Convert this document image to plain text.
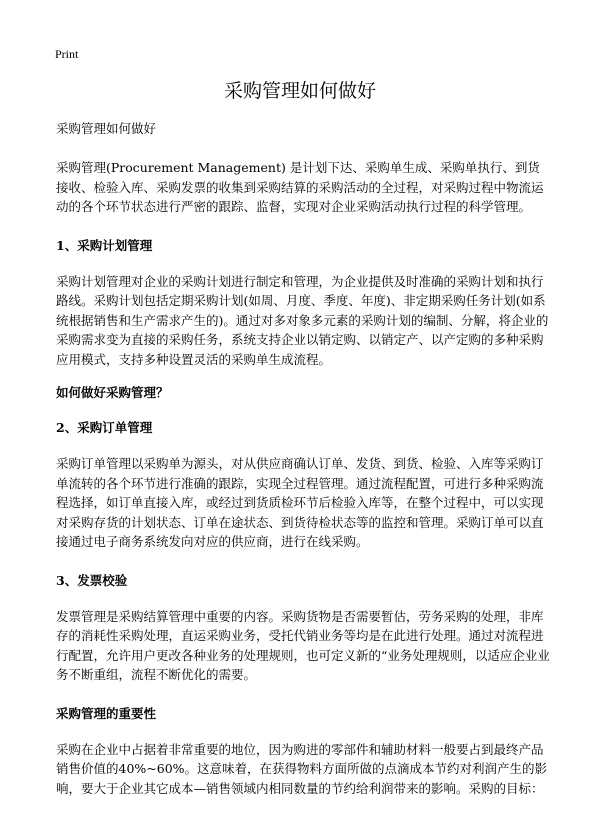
Print
采购管理如何做好
采购管理如何做好

采购管理(Procurement Management) 是计划下达、采购单生成、采购单执行、到货接收、检验入库、采购发票的收集到采购结算的采购活动的全过程，对采购过程中物流运动的各个环节状态进行严密的跟踪、监督，实现对企业采购活动执行过程的科学管理。

1、采购计划管理

采购计划管理对企业的采购计划进行制定和管理，为企业提供及时准确的采购计划和执行路线。采购计划包括定期采购计划(如周、月度、季度、年度)、非定期采购任务计划(如系统根据销售和生产需求产生的)。通过对多对象多元素的采购计划的编制、分解，将企业的采购需求变为直接的采购任务，系统支持企业以销定购、以销定产、以产定购的多种采购应用模式，支持多种设置灵活的采购单生成流程。

如何做好采购管理？
2、采购订单管理

采购订单管理以采购单为源头，对从供应商确认订单、发货、到货、检验、入库等采购订单流转的各个环节进行准确的跟踪，实现全过程管理。通过流程配置，可进行多种采购流程选择，如订单直接入库，或经过到货质检环节后检验入库等，在整个过程中，可以实现对采购存货的计划状态、订单在途状态、到货待检状态等的监控和管理。采购订单可以直接通过电子商务系统发向对应的供应商，进行在线采购。

3、发票校验

发票管理是采购结算管理中重要的内容。采购货物是否需要暂估，劳务采购的处理，非库存的消耗性采购处理，直运采购业务，受托代销业务等均是在此进行处理。通过对流程进行配置，允许用户更改各种业务的处理规则，也可定义新的“业务处理规则，以适应企业业务不断重组，流程不断优化的需要。

采购管理的重要性

采购在企业中占据着非常重要的地位，因为购进的零部件和辅助材料一般要占到最终产品销售价值的40%~60%。这意味着，在获得物料方面所做的点滴成本节约对利润产生的影响，要大于企业其它成本—销售领域内相同数量的节约给利润带来的影响。采购的目标：
